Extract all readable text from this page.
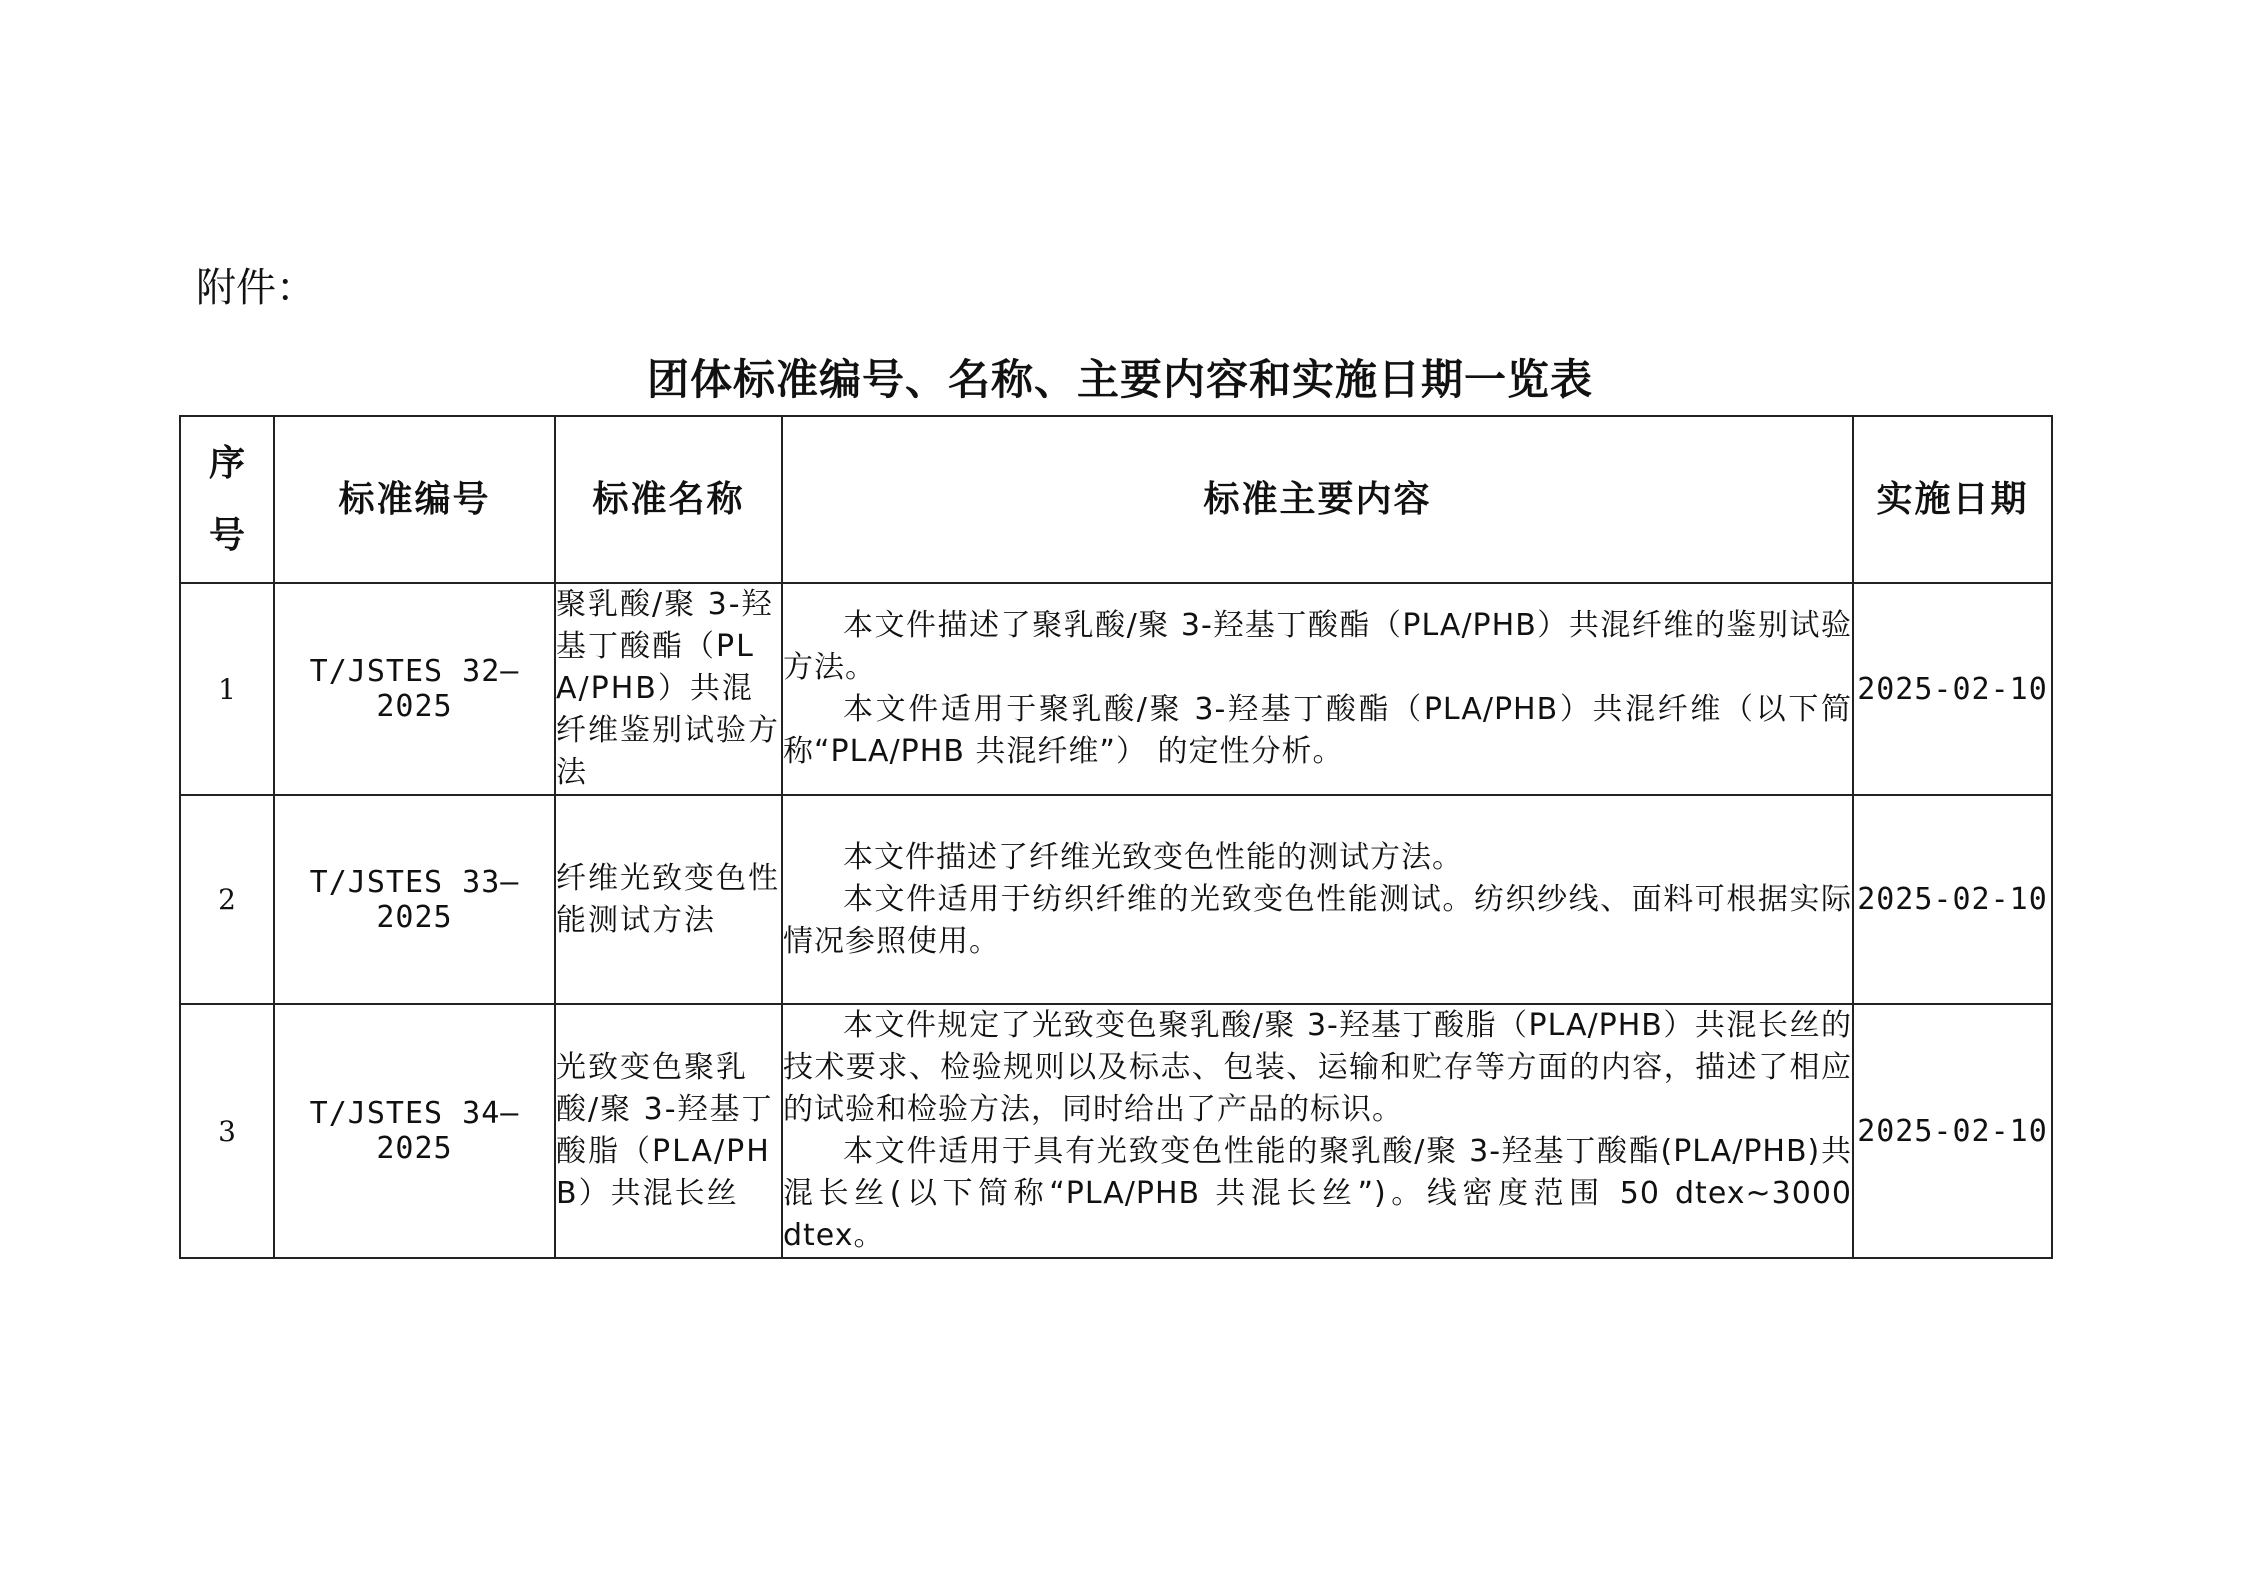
附件：
团体标准编号、名称、主要内容和实施日期一览表
序号	标准编号	标准名称	标准主要内容	实施日期
1	T/JSTES 32—2025	聚乳酸/聚 3-羟基丁酸酯（PLA/PHB）共混纤维鉴别试验方法	本文件描述了聚乳酸/聚 3-羟基丁酸酯（PLA/PHB）共混纤维的鉴别试验方法。

本文件适用于聚乳酸/聚 3-羟基丁酸酯（PLA/PHB）共混纤维（以下简称“PLA/PHB 共混纤维”） 的定性分析。	2025-02-10
2	T/JSTES 33—2025	纤维光致变色性能测试方法	本文件描述了纤维光致变色性能的测试方法。

本文件适用于纺织纤维的光致变色性能测试。纺织纱线、面料可根据实际情况参照使用。	2025-02-10
3	T/JSTES 34—2025	光致变色聚乳酸/聚 3-羟基丁酸脂（PLA/PHB）共混长丝	本文件规定了光致变色聚乳酸/聚 3-羟基丁酸脂（PLA/PHB）共混长丝的技术要求、检验规则以及标志、包装、运输和贮存等方面的内容，描述了相应的试验和检验方法，同时给出了产品的标识。

本文件适用于具有光致变色性能的聚乳酸/聚 3-羟基丁酸酯(PLA/PHB)共混长丝(以下简称“PLA/PHB 共混长丝”)。线密度范围 50 dtex~3000 dtex。	2025-02-10
